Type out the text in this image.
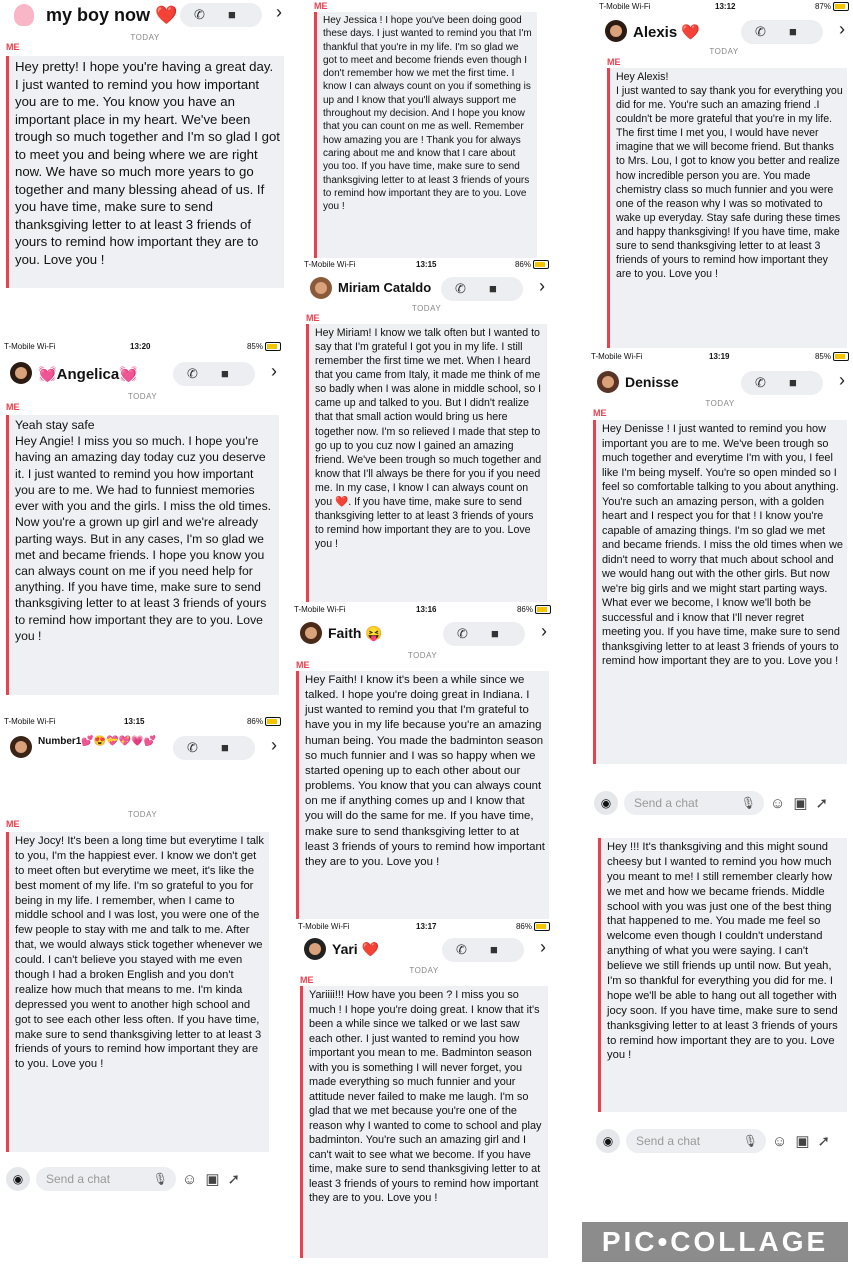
my boy now ❤️ ✆ ■ ›
TODAY
ME
Hey pretty! I hope you're having a great day. I just wanted to remind you how important you are to me. You know you have an important place in my heart. We've been trough so much together and I'm so glad I got to meet you and being where we are right now. We have so much more years to go together and many blessing ahead of us. If you have time, make sure to send thanksgiving letter to at least 3 friends of yours to remind how important they are to you. Love you !
ME
Hey Jessica ! I hope you've been doing good these days. I just wanted to remind you that I'm thankful that you're in my life. I'm so glad we got to meet and become friends even though I don't remember how we met the first time. I know I can always count on you if something is up and I know that you'll always support me throughout my decision. And I hope you know that you can count on me as well. Remember how amazing you are ! Thank you for always caring about me and know that I care about you too. If you have time, make sure to send thanksgiving letter to at least 3 friends of yours to remind how important they are to you. Love you !
T-Mobile Wi-Fi	13:12	87%
Alexis ❤️	✆ ■ ›
TODAY
ME
Hey Alexis!
I just wanted to say thank you for everything you did for me. You're such an amazing friend .I couldn't be more grateful that you're in my life. The first time I met you, I would have never imagine that we will become friend. But thanks to Mrs. Lou, I got to know you better and realize how incredible person you are. You made chemistry class so much funnier and you were one of the reason why I was so motivated to wake up everyday. Stay safe during these times and happy thanksgiving! If you have time, make sure to send thanksgiving letter to at least 3 friends of yours to remind how important they are to you. Love you !
T-Mobile Wi-Fi	13:15	86%
Miriam Cataldo ✆ ■ ›
TODAY
ME
Hey Miriam! I know we talk often but I wanted to say that I'm grateful I got you in my life. I still remember the first time we met. When I heard that you came from Italy, it made me think of me so badly when I was alone in middle school, so I came up and talked to you. But I didn't realize that that small action would bring us here together now. I'm so relieved I made that step to go up to you cuz now I gained an amazing friend. We've been trough so much together and know that I'll always be there for you if you need me. In my case, I know I can always count on you ❤️. If you have time, make sure to send thanksgiving letter to at least 3 friends of yours to remind how important they are to you. Love you !
T-Mobile Wi-Fi	13:20	85%
💓Angelica💓	✆ ■ ›
TODAY
ME
Yeah stay safe
Hey Angie! I miss you so much. I hope you're having an amazing day today cuz you deserve it. I just wanted to remind you how important you are to me. We had to funniest memories ever with you and the girls. I miss the old times. Now you're a grown up girl and we're already parting ways. But in any cases, I'm so glad we met and became friends. I hope you know you can always count on me if you need help for anything. If you have time, make sure to send thanksgiving letter to at least 3 friends of yours to remind how important they are to you. Love you !
T-Mobile Wi-Fi	13:19	85%
Denisse	✆ ■ ›
TODAY
ME
Hey Denisse ! I just wanted to remind you how important you are to me. We've been trough so much together and everytime I'm with you, I feel like I'm being myself. You're so open minded so I feel so comfortable talking to you about anything. You're such an amazing person, with a golden heart and I respect you for that ! I know you're capable of amazing things. I'm so glad we met and became friends. I miss the old times when we didn't need to worry that much about school and we would hang out with the other girls. But now we're big girls and we might start parting ways. What ever we become, I know we'll both be successful and i know that I'll never regret meeting you. If you have time, make sure to send thanksgiving letter to at least 3 friends of yours to remind how important they are to you. Love you !
◉	Send a chat	🎙 ☺▣➚
T-Mobile Wi-Fi	13:16	86%
Faith 😝	✆ ■ ›
TODAY
ME
Hey Faith! I know it's been a while since we talked. I hope you're doing great in Indiana. I just wanted to remind you that I'm grateful to have you in my life because you're an amazing human being. You made the badminton season so much funnier and I was so happy when we started opening up to each other about our problems. You know that you can always count on me if anything comes up and I know that you will do the same for me. If you have time, make sure to send thanksgiving letter to at least 3 friends of yours to remind how important they are to you. Love you !
T-Mobile Wi-Fi	13:15	86%
Number1💕😍💝💖💗💕	✆ ■ ›
TODAY
ME
Hey Jocy! It's been a long time but everytime I talk to you, I'm the happiest ever. I know we don't get to meet often but everytime we meet, it's like the best moment of my life. I'm so grateful to you for being in my life. I remember, when I came to middle school and I was lost, you were one of the few people to stay with me and talk to me. After that, we would always stick together whenever we could. I can't believe you stayed with me even though I had a broken English and you don't realize how much that means to me. I'm kinda depressed you went to another high school and got to see each other less often. If you have time, make sure to send thanksgiving letter to at least 3 friends of yours to remind how important they are to you. Love you !
◉	Send a chat	🎙 ☺▣➚
T-Mobile Wi-Fi	13:17	86%
Yari ❤️	✆ ■ ›
TODAY
ME
Yariiii!!! How have you been ? I miss you so much ! I hope you're doing great. I know that it's been a while since we talked or we last saw each other. I just wanted to remind you how important you mean to me. Badminton season with you is something I will never forget, you made everything so much funnier and your attitude never failed to make me laugh. I'm so glad that we met because you're one of the reason why I wanted to come to school and play badminton. You're such an amazing girl and I can't wait to see what we become. If you have time, make sure to send thanksgiving letter to at least 3 friends of yours to remind how important they are to you. Love you !
Hey !!! It's thanksgiving and this might sound cheesy but I wanted to remind you how much you meant to me! I still remember clearly how we met and how we became friends. Middle school with you was just one of the best thing that happened to me. You made me feel so welcome even though I couldn't understand anything of what you were saying. I can't believe we still friends up until now. But yeah, I'm so thankful for everything you did for me. I hope we'll be able to hang out all together with jocy soon. If you have time, make sure to send thanksgiving letter to at least 3 friends of yours to remind how important they are to you. Love you !
◉	Send a chat	🎙 ☺▣➚
PIC•COLLAGE
